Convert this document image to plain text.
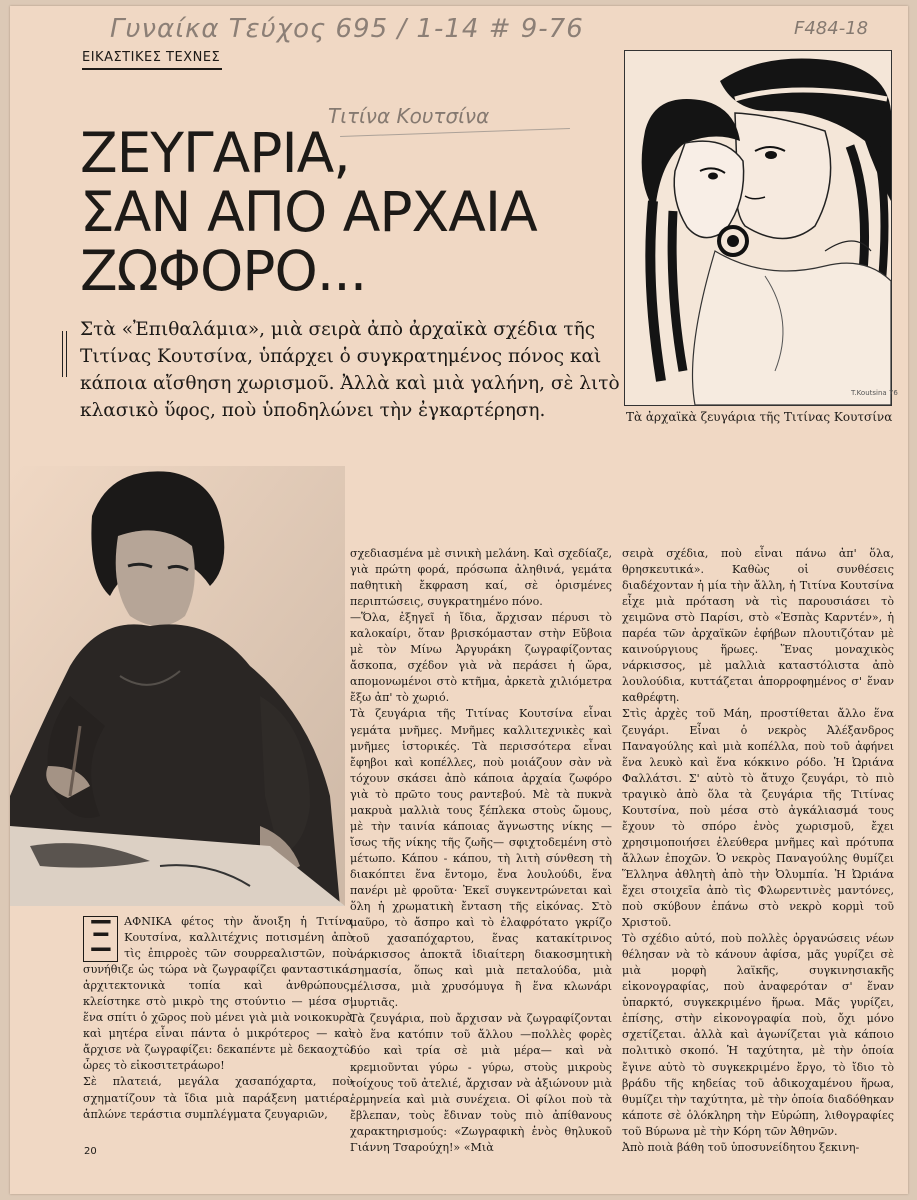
Γυναίκα Τεύχος 695 / 1-14 # 9-76	F484-18
Τιτίνα Κουτσίνα
ΕΙΚΑΣΤΙΚΕΣ ΤΕΧΝΕΣ
ΖΕΥΓΑΡΙΑ,
ΣΑΝ ΑΠΟ ΑΡΧΑΙΑ
ΖΩΦΟΡΟ...

Στὰ «Ἐπιθαλάμια», μιὰ σειρὰ ἀπὸ ἀρχαϊκὰ σχέδια τῆς Τιτίνας Κουτσίνα, ὑπάρχει ὁ συγκρατημένος πόνος καὶ κάποια αἴσθηση χωρισμοῦ. Ἀλλὰ καὶ μιὰ γαλήνη, σὲ λιτὸ κλασικὸ ὕφος, ποὺ ὑποδηλώνει τὴν ἐγκαρτέρηση.

T.Koutsina 76
Τὰ ἀρχαϊκὰ ζευγάρια τῆς Τιτίνας Κουτσίνα
Ξ ΑΦΝΙΚΑ φέτος τὴν ἄνοιξη ἡ Τιτίνα Κουτσίνα, καλλιτέχνις ποτισμένη ἀπὸ τὶς ἐπιρροὲς τῶν σουρρεαλιστῶν, ποὺ συνήθιζε ὡς τώρα νὰ ζωγραφίζει φανταστικά, ἀρχιτεκτονικὰ τοπία καὶ ἀνθρώπους, κλείστηκε στὸ μικρὸ της στούντιο — μέσα σ' ἕνα σπίτι ὁ χῶρος ποὺ μένει γιὰ μιὰ νοικοκυρὰ καὶ μητέρα εἶναι πάντα ὁ μικρότερος — καὶ ἄρχισε νὰ ζωγραφίζει: δεκαπέντε μὲ δεκαοχτὼ ὧρες τὸ εἰκοσιτετράωρο!

Σὲ πλατειά, μεγάλα χασαπόχαρτα, ποὺ σχηματίζουν τὰ ἴδια μιὰ παράξενη ματιέρα, ἁπλώνε τεράστια συμπλέγματα ζευγαριῶν,

σχεδιασμένα μὲ σινικὴ μελάνη. Καὶ σχεδίαζε, γιὰ πρώτη φορά, πρόσωπα ἀληθινά, γεμάτα παθητικὴ ἔκφραση καί, σὲ ὁρισμένες περιπτώσεις, συγκρατημένο πόνο.

—Ὅλα, ἐξηγεῖ ἡ ἴδια, ἄρχισαν πέρυσι τὸ καλοκαίρι, ὅταν βρισκόμασταν στὴν Εὔβοια μὲ τὸν Μίνω Ἀργυράκη ζωγραφίζοντας ἄσκοπα, σχέδον γιὰ νὰ περάσει ἡ ὥρα, απομονωμένοι στὸ κτῆμα, ἀρκετὰ χιλιόμετρα ἔξω ἀπ' τὸ χωριό.

Τὰ ζευγάρια τῆς Τιτίνας Κουτσίνα εἶναι γεμάτα μνῆμες. Μνῆμες καλλιτεχνικὲς καὶ μνῆμες ἱστορικές. Τὰ περισσότερα εἶναι ἔφηβοι καὶ κοπέλλες, ποὺ μοιάζουν σὰν νὰ τόχουν σκάσει ἀπὸ κάποια ἀρχαία ζωφόρο γιὰ τὸ πρῶτο τους ραντεβού. Μὲ τὰ πυκνὰ μακρυὰ μαλλιὰ τους ξέπλεκα στοὺς ὤμους, μὲ τὴν ταινία κάποιας ἄγνωστης νίκης —ἴσως τῆς νίκης τῆς ζωῆς— σφιχτοδεμένη στὸ μέτωπο. Κάπου - κάπου, τὴ λιτὴ σύνθεση τὴ διακόπτει ἕνα ἔντομο, ἕνα λουλούδι, ἕνα πανέρι μὲ φροῦτα· Ἐκεῖ συγκεντρώνεται καὶ ὅλη ἡ χρωματικὴ ἔνταση τῆς εἰκόνας. Στὸ μαῦρο, τὸ ἄσπρο καὶ τὸ ἐλαφρότατο γκρίζο τοῦ χασαπόχαρτου, ἕνας κατακίτρινος νάρκισσος ἀποκτᾶ ἰδιαίτερη διακοσμητικὴ σημασία, ὅπως καὶ μιὰ πεταλούδα, μιὰ μέλισσα, μιὰ χρυσόμυγα ἢ ἕνα κλωνάρι μυρτιᾶς.

Τὰ ζευγάρια, ποὺ ἄρχισαν νὰ ζωγραφίζονται τὸ ἕνα κατόπιν τοῦ ἄλλου —πολλὲς φορὲς δύο καὶ τρία σὲ μιὰ μέρα— καὶ νὰ κρεμιοῦνται γύρω - γύρω, στοὺς μικροὺς τοίχους τοῦ ἀτελιέ, ἄρχισαν νὰ ἀξιώνουν μιὰ ἑρμηνεία καὶ μιὰ συνέχεια. Οἱ φίλοι ποὺ τὰ ἔβλεπαν, τοὺς ἔδιναν τοὺς πιὸ ἀπίθανους χαρακτηρισμούς: «Ζωγραφικὴ ἑνὸς θηλυκοῦ Γιάννη Τσαρούχη!» «Μιὰ

σειρὰ σχέδια, ποὺ εἶναι πάνω ἀπ' ὅλα, θρησκευτικά». Καθὼς οἱ συνθέσεις διαδέχονταν ἡ μία τὴν ἄλλη, ἡ Τιτίνα Κουτσίνα εἶχε μιὰ πρόταση νὰ τὶς παρουσιάσει τὸ χειμῶνα στὸ Παρίσι, στὸ «Ἐσπὰς Καρντέν», ἡ παρέα τῶν ἀρχαϊκῶν ἐφήβων πλουτιζόταν μὲ καινούργιους ἥρωες. Ἕνας μοναχικὸς νάρκισσος, μὲ μαλλιὰ καταστόλιστα ἀπὸ λουλούδια, κυττάζεται ἀπορροφημένος σ' ἕναν καθρέφτη.

Στὶς ἀρχὲς τοῦ Μάη, προστίθεται ἄλλο ἕνα ζευγάρι. Εἶναι ὁ νεκρὸς Ἀλέξανδρος Παναγούλης καὶ μιὰ κοπέλλα, ποὺ τοῦ ἀφήνει ἕνα λευκὸ καὶ ἕνα κόκκινο ρόδο. Ἡ Ὠριάνα Φαλλάτσι. Σ' αὐτὸ τὸ ἄτυχο ζευγάρι, τὸ πιὸ τραγικὸ ἀπὸ ὅλα τὰ ζευγάρια τῆς Τιτίνας Κουτσίνα, ποὺ μέσα στὸ ἀγκάλιασμά τους ἔχουν τὸ σπόρο ἑνὸς χωρισμοῦ, ἔχει χρησιμοποιήσει ἐλεύθερα μνῆμες καὶ πρότυπα ἄλλων ἐποχῶν. Ὁ νεκρὸς Παναγούλης θυμίζει Ἕλληνα ἀθλητὴ ἀπὸ τὴν Ὀλυμπία. Ἡ Ὠριάνα ἔχει στοιχεῖα ἀπὸ τὶς Φλωρεντινὲς μαντόνες, ποὺ σκύβουν ἐπάνω στὸ νεκρὸ κορμὶ τοῦ Χριστοῦ.

Τὸ σχέδιο αὐτό, ποὺ πολλὲς ὀργανώσεις νέων θέλησαν νὰ τὸ κάνουν ἀφίσα, μᾶς γυρίζει σὲ μιὰ μορφὴ λαϊκῆς, συγκινησιακῆς εἰκονογραφίας, ποὺ ἀναφερόταν σ' ἕναν ὑπαρκτό, συγκεκριμένο ἥρωα. Μᾶς γυρίζει, ἐπίσης, στὴν εἰκονογραφία ποὺ, ὄχι μόνο σχετίζεται. ἀλλὰ καὶ ἀγωνίζεται γιὰ κάποιο πολιτικὸ σκοπό. Ἡ ταχύτητα, μὲ τὴν ὁποία ἔγινε αὐτὸ τὸ συγκεκριμένο ἔργο, τὸ ἴδιο τὸ βράδυ τῆς κηδείας τοῦ ἀδικοχαμένου ἥρωα, θυμίζει τὴν ταχύτητα, μὲ τὴν ὁποία διαδόθηκαν κάποτε σὲ ὁλόκληρη τὴν Εὐρώπη, λιθογραφίες τοῦ Βύρωνα μὲ τὴν Κόρη τῶν Ἀθηνῶν.

Ἀπὸ ποιὰ βάθη τοῦ ὑποσυνείδητου ξεκινη-

20
